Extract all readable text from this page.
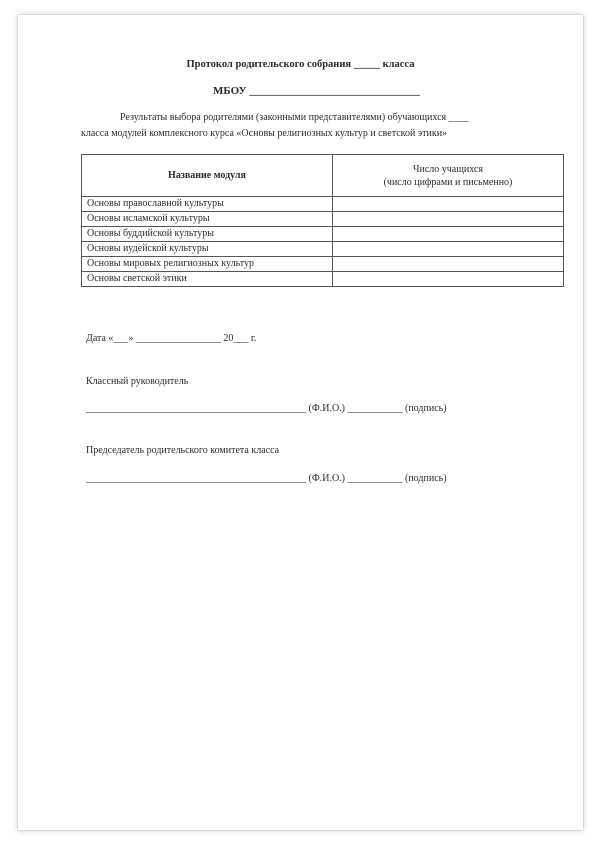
Протокол родительского собрания _____ класса
МБОУ _______________________________
Результаты выбора родителями (законными представителями) обучающихся ____
класса модулей комплексного курса «Основы религиозных культур и светской этики»
Название модуля	Число учащихся
(число цифрами и письменно)

Основы православной культуры	
Основы исламской культуры	
Основы буддийской культуры	
Основы иудейской культуры	
Основы мировых религиозных культур	
Основы светской этики	
Дата «___» _________________ 20___ г.
Классный руководитель
____________________________________________ (Ф.И.О.) ___________ (подпись)
Председатель родительского комитета класса
____________________________________________ (Ф.И.О.) ___________ (подпись)
